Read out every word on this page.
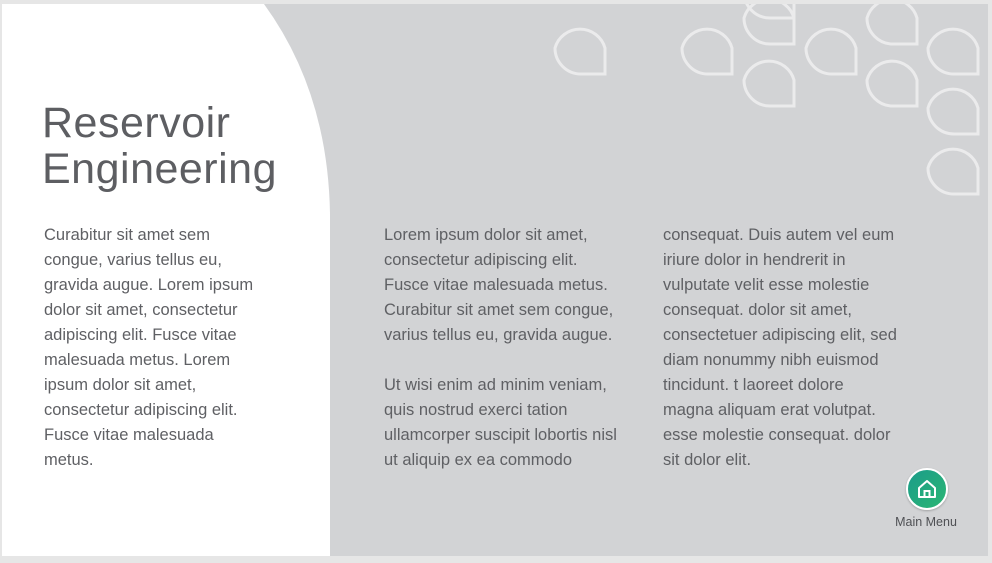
Reservoir
Engineering

Curabitur sit amet sem
congue, varius tellus eu,
gravida augue. Lorem ipsum
dolor sit amet, consectetur
adipiscing elit. Fusce vitae
malesuada metus. Lorem
ipsum dolor sit amet,
consectetur adipiscing elit.
Fusce vitae malesuada
metus.

Lorem ipsum dolor sit amet,
consectetur adipiscing elit.
Fusce vitae malesuada metus.
Curabitur sit amet sem congue,
varius tellus eu, gravida augue.

Ut wisi enim ad minim veniam,
quis nostrud exerci tation
ullamcorper suscipit lobortis nisl
ut aliquip ex ea commodo

consequat. Duis autem vel eum
iriure dolor in hendrerit in
vulputate velit esse molestie
consequat. dolor sit amet,
consectetuer adipiscing elit, sed
diam nonummy nibh euismod
tincidunt. t laoreet dolore
magna aliquam erat volutpat.
esse molestie consequat. dolor
sit dolor elit.

Main Menu
